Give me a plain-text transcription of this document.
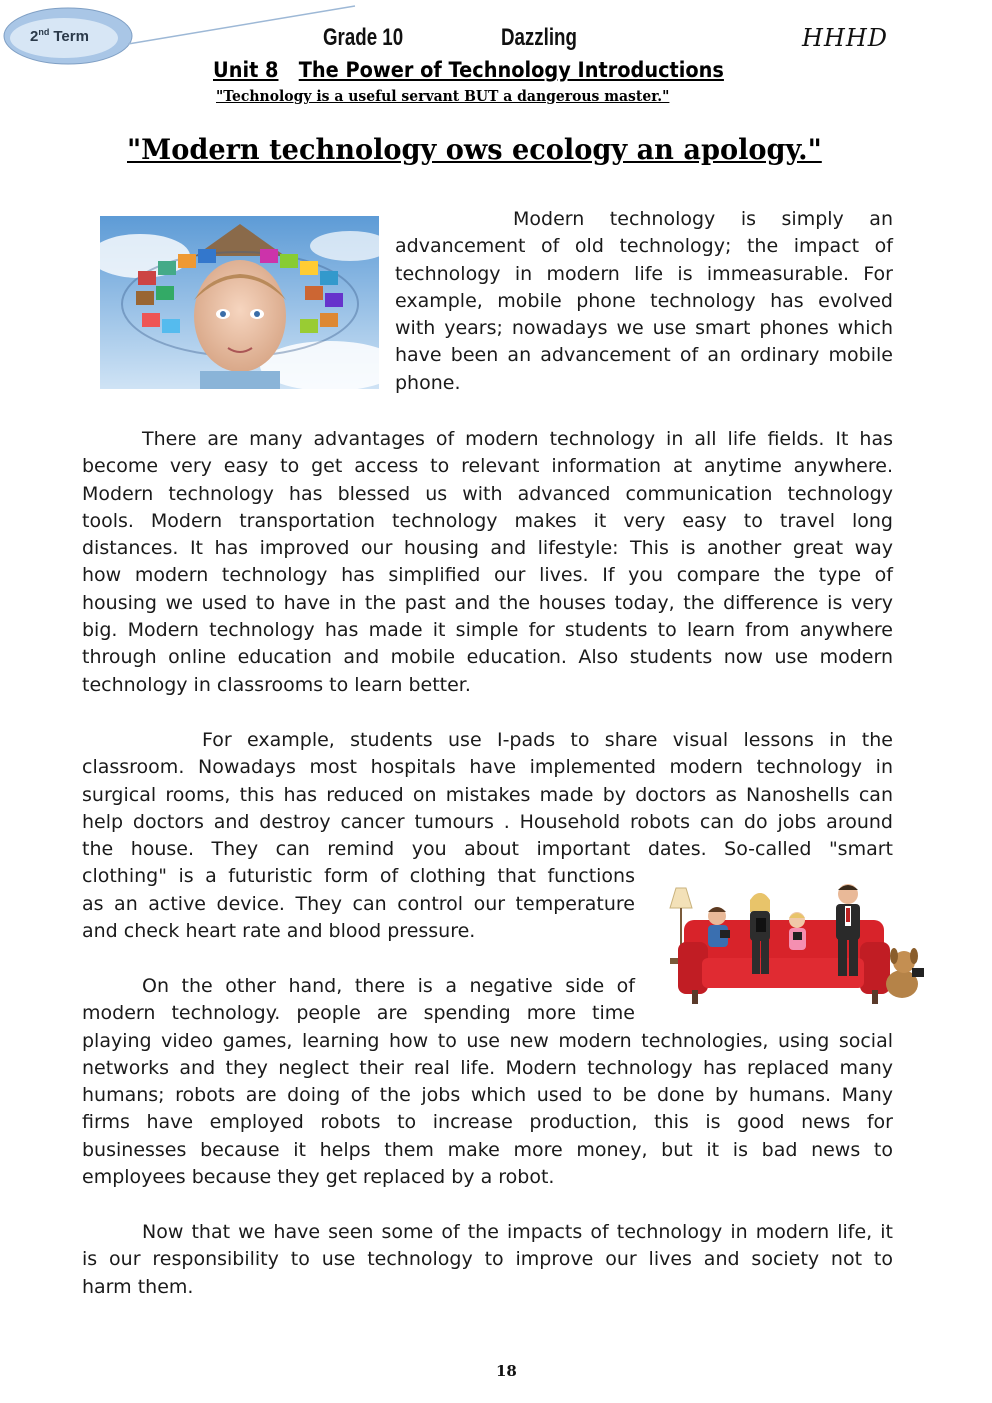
2nd Term	Grade 10	Dazzling	HHHD
Unit 8 The Power of Technology Introductions
"Technology is a useful servant BUT a dangerous master."
"Modern technology ows ecology an apology."
Modern technology is simply an
advancement of old technology; the impact of
technology in modern life is immeasurable. For
example, mobile phone technology has evolved
with years; nowadays we use smart phones which
have been an advancement of an ordinary mobile
phone.
There are many advantages of modern technology in all life fields. It has
become very easy to get access to relevant information at anytime anywhere.
Modern technology has blessed us with advanced communication technology
tools. Modern transportation technology makes it very easy to travel long
distances. It has improved our housing and lifestyle: This is another great way
how modern technology has simplified our lives. If you compare the type of
housing we used to have in the past and the houses today, the difference is very
big. Modern technology has made it simple for students to learn from anywhere
through online education and mobile education. Also students now use modern
technology in classrooms to learn better.
For example, students use I-pads to share visual lessons in the
classroom. Nowadays most hospitals have implemented modern technology in
surgical rooms, this has reduced on mistakes made by doctors as Nanoshells can
help doctors and destroy cancer tumours . Household robots can do jobs around
the house. They can remind you about important dates. So-called "smart
clothing" is a futuristic form of clothing that functions
as an active device. They can control our temperature
and check heart rate and blood pressure.
On the other hand, there is a negative side of
modern technology. people are spending more time
playing video games, learning how to use new modern technologies, using social
networks and they neglect their real life. Modern technology has replaced many
humans; robots are doing of the jobs which used to be done by humans. Many
firms have employed robots to increase production, this is good news for
businesses because it helps them make more money, but it is bad news to
employees because they get replaced by a robot.
Now that we have seen some of the impacts of technology in modern life, it
is our responsibility to use technology to improve our lives and society not to
harm them.
18
